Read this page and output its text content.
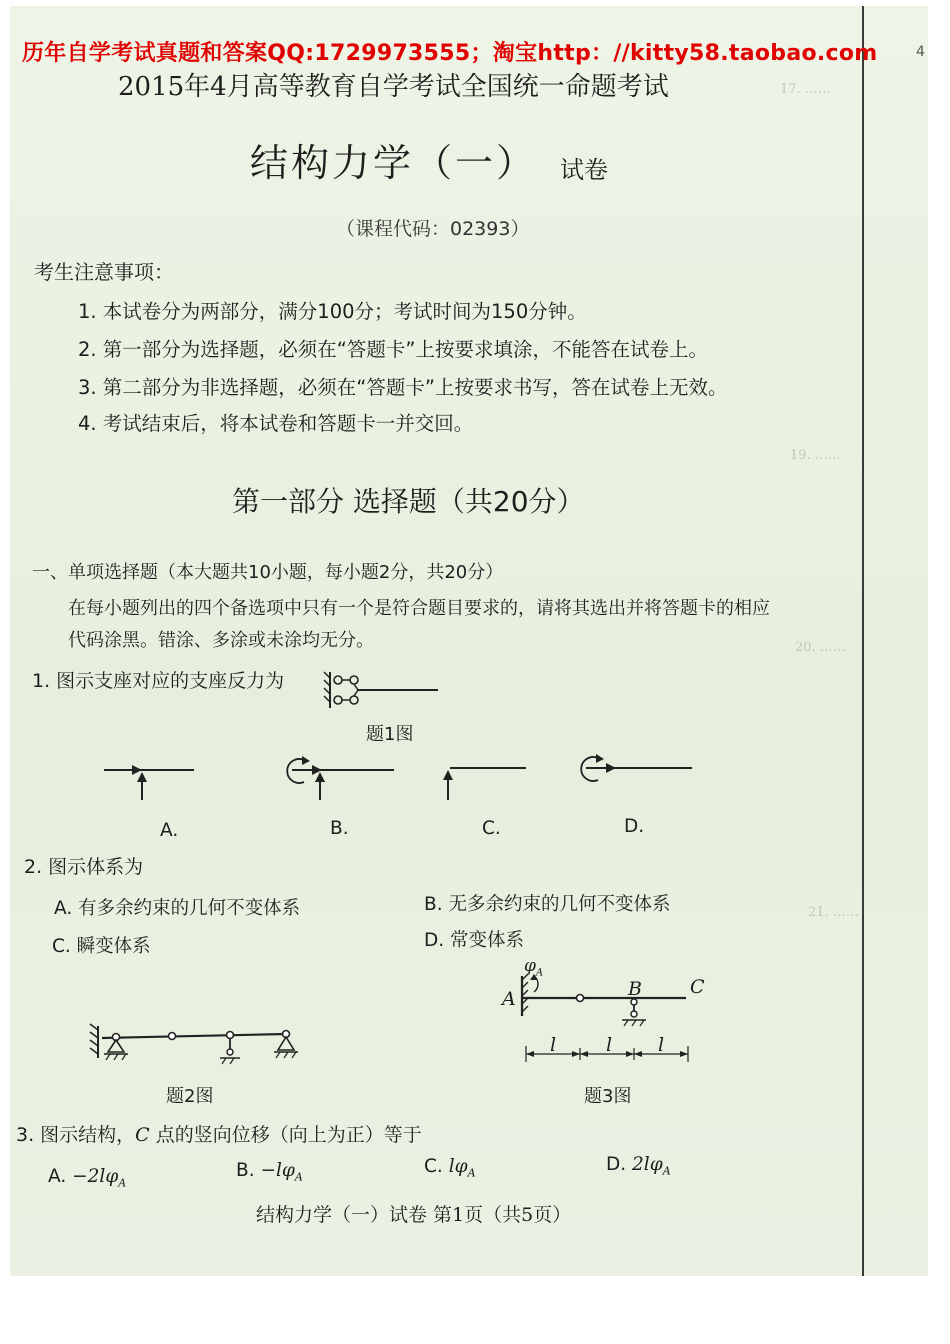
17. ……
19. ……
20. ……
21. ……
历年自学考试真题和答案QQ:1729973555；淘宝http：//kitty58.taobao.com	4
2015年4月高等教育自学考试全国统一命题考试
结构力学（一） 试卷
（课程代码：02393）
考生注意事项：
1. 本试卷分为两部分，满分100分；考试时间为150分钟。
2. 第一部分为选择题，必须在“答题卡”上按要求填涂，不能答在试卷上。
3. 第二部分为非选择题，必须在“答题卡”上按要求书写，答在试卷上无效。
4. 考试结束后，将本试卷和答题卡一并交回。
第一部分 选择题（共20分）
一、单项选择题（本大题共10小题，每小题2分，共20分）
在每小题列出的四个备选项中只有一个是符合题目要求的，请将其选出并将答题卡的相应
代码涂黑。错涂、多涂或未涂均无分。
1. 图示支座对应的支座反力为
题1图
A.	B.	C.	D.
2. 图示体系为
A. 有多余约束的几何不变体系	B. 无多余约束的几何不变体系
C. 瞬变体系	D. 常变体系
题2图
$\varphi_A$
A	B	C
l	l l
题3图
3. 图示结构，C 点的竖向位移（向上为正）等于
A. $-2l\varphi_A$
B. $-l\varphi_A$
C. $l\varphi_A$	D. $2l\varphi_A$
结构力学（一）试卷 第1页（共5页）
